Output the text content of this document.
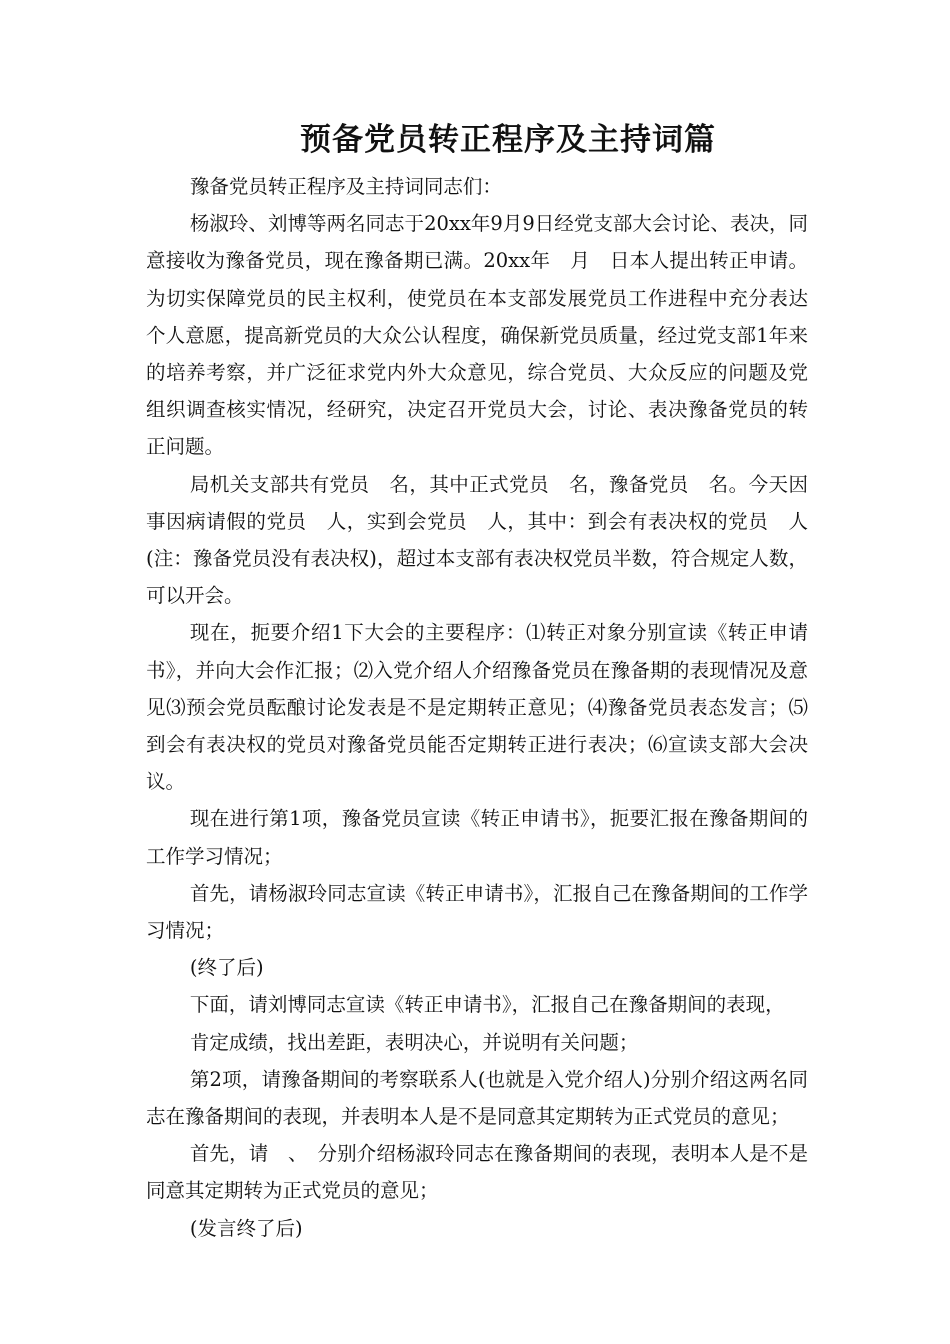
预备党员转正程序及主持词篇

豫备党员转正程序及主持词同志们：

杨淑玲、刘博等两名同志于20xx年9月9日经党支部大会讨论、表决，同意接收为豫备党员，现在豫备期已满。20xx年　月　日本人提出转正申请。为切实保障党员的民主权利，使党员在本支部发展党员工作进程中充分表达个人意愿，提高新党员的大众公认程度，确保新党员质量，经过党支部1年来的培养考察，并广泛征求党内外大众意见，综合党员、大众反应的问题及党组织调查核实情况，经研究，决定召开党员大会，讨论、表决豫备党员的转正问题。

局机关支部共有党员　名，其中正式党员　名，豫备党员　名。今天因事因病请假的党员　人，实到会党员　人，其中：到会有表决权的党员　人(注：豫备党员没有表决权)，超过本支部有表决权党员半数，符合规定人数，可以开会。

现在，扼要介绍1下大会的主要程序：⑴转正对象分别宣读《转正申请书》，并向大会作汇报；⑵入党介绍人介绍豫备党员在豫备期的表现情况及意见⑶预会党员酝酿讨论发表是不是定期转正意见；⑷豫备党员表态发言；⑸到会有表决权的党员对豫备党员能否定期转正进行表决；⑹宣读支部大会决议。

现在进行第1项，豫备党员宣读《转正申请书》，扼要汇报在豫备期间的工作学习情况；

首先，请杨淑玲同志宣读《转正申请书》，汇报自己在豫备期间的工作学习情况；

(终了后)

下面，请刘博同志宣读《转正申请书》，汇报自己在豫备期间的表现，

肯定成绩，找出差距，表明决心，并说明有关问题；

第2项，请豫备期间的考察联系人(也就是入党介绍人)分别介绍这两名同志在豫备期间的表现，并表明本人是不是同意其定期转为正式党员的意见；

首先，请　、　分别介绍杨淑玲同志在豫备期间的表现，表明本人是不是同意其定期转为正式党员的意见；

(发言终了后)
